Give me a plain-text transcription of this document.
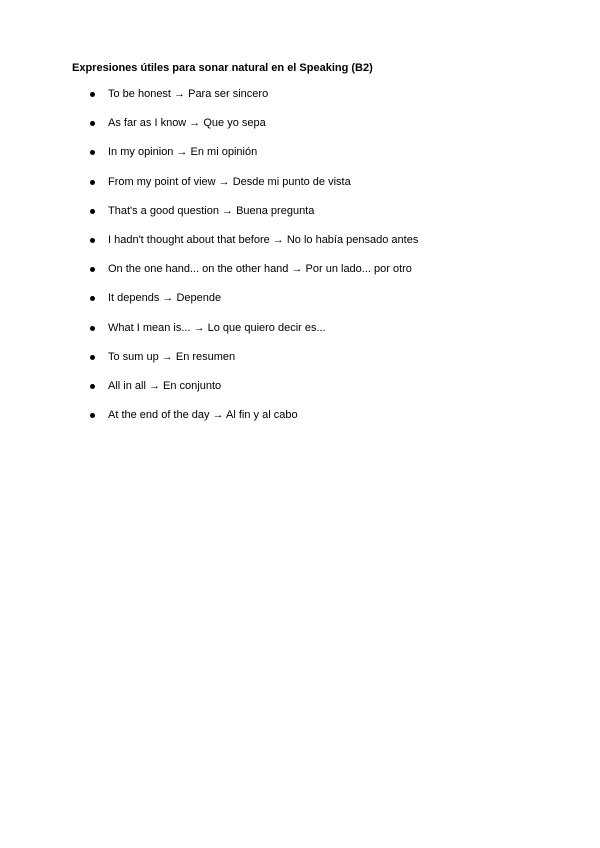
Expresiones útiles para sonar natural en el Speaking (B2)
To be honest → Para ser sincero
As far as I know → Que yo sepa
In my opinion → En mi opinión
From my point of view → Desde mi punto de vista
That's a good question → Buena pregunta
I hadn't thought about that before → No lo había pensado antes
On the one hand... on the other hand → Por un lado... por otro
It depends → Depende
What I mean is... → Lo que quiero decir es...
To sum up → En resumen
All in all → En conjunto
At the end of the day → Al fin y al cabo
